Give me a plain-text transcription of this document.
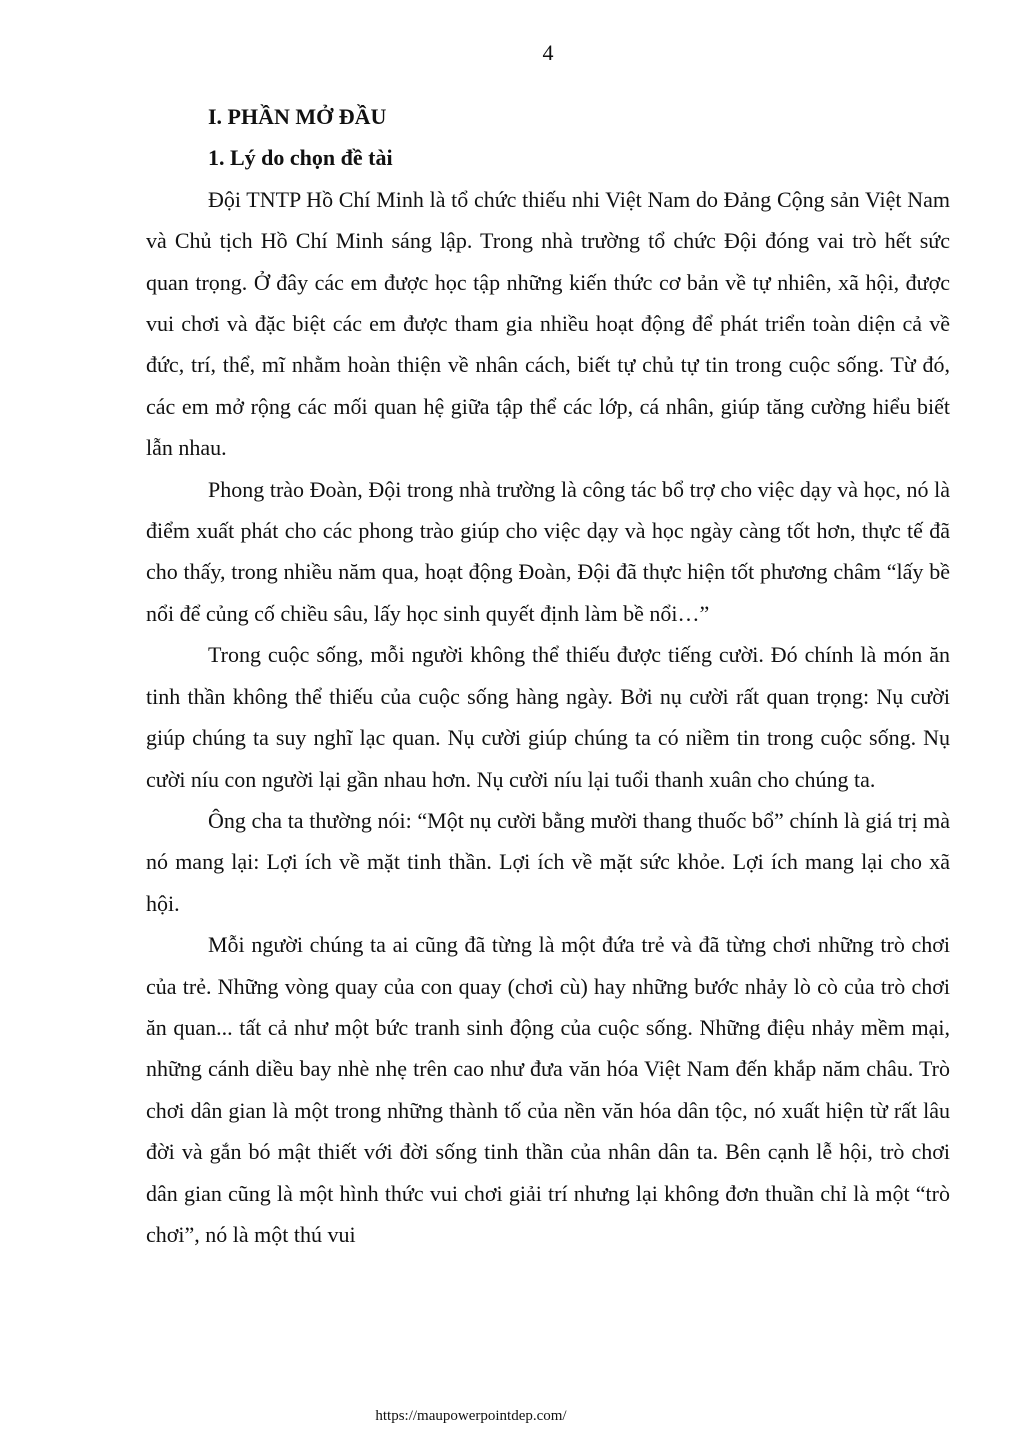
4

I. PHẦN MỞ ĐẦU

1. Lý do chọn đề tài

Đội TNTP Hồ Chí Minh là tổ chức thiếu nhi Việt Nam do Đảng Cộng sản Việt Nam và Chủ tịch Hồ Chí Minh sáng lập. Trong nhà trường tổ chức Đội đóng vai trò hết sức quan trọng. Ở đây các em được học tập những kiến thức cơ bản về tự nhiên, xã hội, được vui chơi và đặc biệt các em được tham gia nhiều hoạt động để phát triển toàn diện cả về đức, trí, thể, mĩ nhằm hoàn thiện về nhân cách, biết tự chủ tự tin trong cuộc sống. Từ đó, các em mở rộng các mối quan hệ giữa tập thể các lớp, cá nhân, giúp tăng cường hiểu biết lẫn nhau.

Phong trào Đoàn, Đội trong nhà trường là công tác bổ trợ cho việc dạy và học, nó là điểm xuất phát cho các phong trào giúp cho việc dạy và học ngày càng tốt hơn, thực tế đã cho thấy, trong nhiều năm qua, hoạt động Đoàn, Đội đã thực hiện tốt phương châm “lấy bề nổi để củng cố chiều sâu, lấy học sinh quyết định làm bề nổi…”

Trong cuộc sống, mỗi người không thể thiếu được tiếng cười. Đó chính là món ăn tinh thần không thể thiếu của cuộc sống hàng ngày. Bởi nụ cười rất quan trọng: Nụ cười giúp chúng ta suy nghĩ lạc quan. Nụ cười giúp chúng ta có niềm tin trong cuộc sống. Nụ cười níu con người lại gần nhau hơn. Nụ cười níu lại tuổi thanh xuân cho chúng ta.

Ông cha ta thường nói: “Một nụ cười bằng mười thang thuốc bổ” chính là giá trị mà nó mang lại: Lợi ích về mặt tinh thần. Lợi ích về mặt sức khỏe. Lợi ích mang lại cho xã hội.

Mỗi người chúng ta ai cũng đã từng là một đứa trẻ và đã từng chơi những trò chơi của trẻ. Những vòng quay của con quay (chơi cù) hay những bước nhảy lò cò của trò chơi ăn quan... tất cả như một bức tranh sinh động của cuộc sống. Những điệu nhảy mềm mại, những cánh diều bay nhè nhẹ trên cao như đưa văn hóa Việt Nam đến khắp năm châu. Trò chơi dân gian là một trong những thành tố của nền văn hóa dân tộc, nó xuất hiện từ rất lâu đời và gắn bó mật thiết với đời sống tinh thần của nhân dân ta. Bên cạnh lễ hội, trò chơi dân gian cũng là một hình thức vui chơi giải trí nhưng lại không đơn thuần chỉ là một “trò chơi”, nó là một thú vui

https://maupowerpointdep.com/
